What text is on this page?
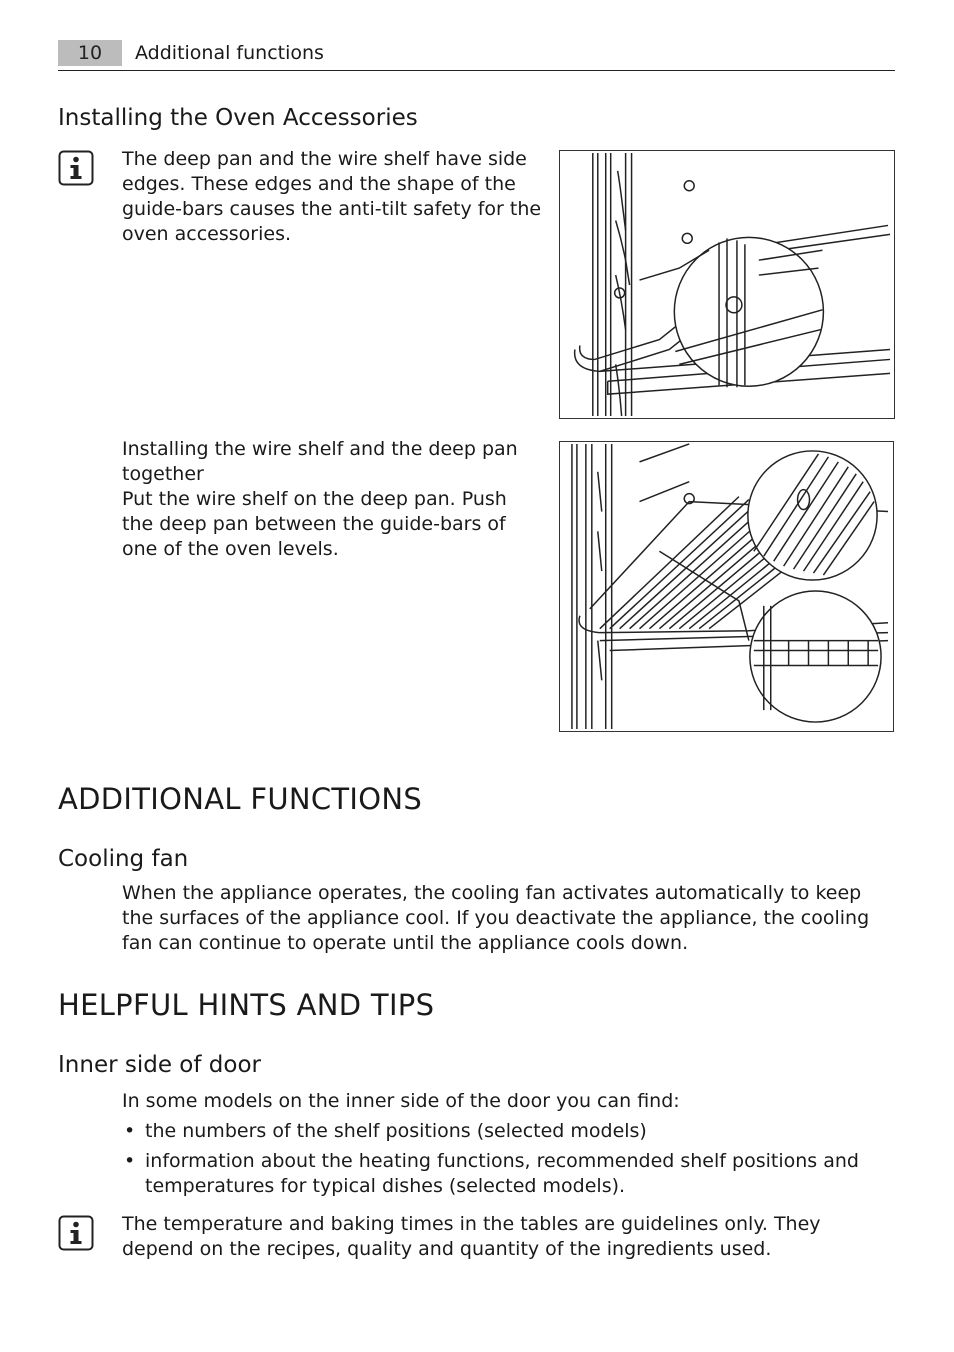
10	Additional functions
Installing the Oven Accessories
The deep pan and the wire shelf have side edges. These edges and the shape of the guide-bars causes the anti-tilt safety for the oven accessories.
Installing the wire shelf and the deep pan together
Put the wire shelf on the deep pan. Push the deep pan between the guide-bars of one of the oven levels.
ADDITIONAL FUNCTIONS
Cooling fan
When the appliance operates, the cooling fan activates automatically to keep the surfaces of the appliance cool. If you deactivate the appliance, the cooling fan can continue to operate until the appliance cools down.
HELPFUL HINTS AND TIPS
Inner side of door
In some models on the inner side of the door you can find:
• the numbers of the shelf positions (selected models)
• information about the heating functions, recommended shelf positions and temperatures for typical dishes (selected models).
The temperature and baking times in the tables are guidelines only. They depend on the recipes, quality and quantity of the ingredients used.
